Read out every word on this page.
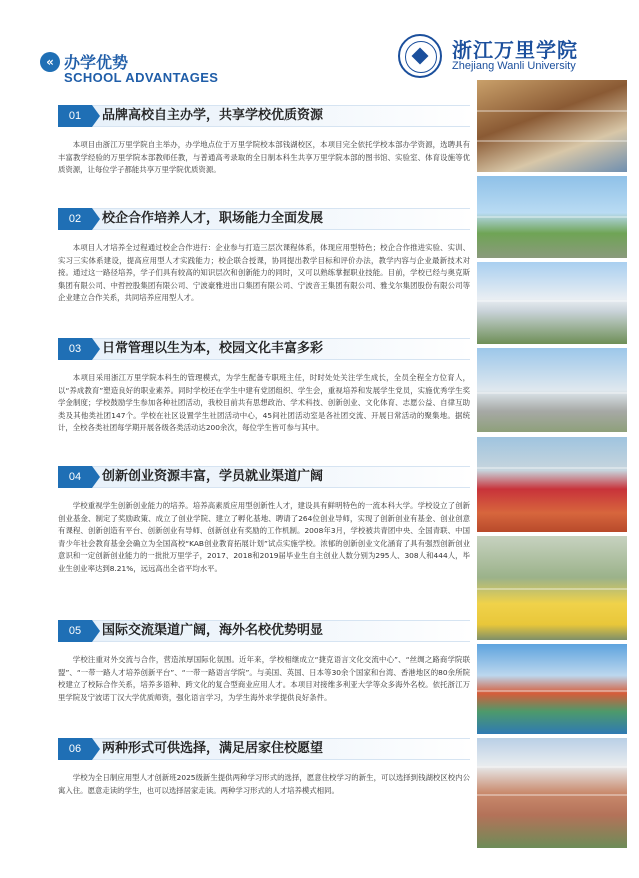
« 办学优势
SCHOOL ADVANTAGES
浙江万里学院
Zhejiang Wanli University
01	品牌高校自主办学，共享学校优质资源

本项目由浙江万里学院自主举办，办学地点位于万里学院校本部钱湖校区，本项目完全依托学校本部办学资源，选聘具有丰富教学经验的万里学院本部教师任教，与普通高考录取的全日制本科生共享万里学院本部的图书馆、实验室、体育设施等优质资源，让每位学子都能共享万里学院优质资源。

02	校企合作培养人才，职场能力全面发展

本项目人才培养全过程通过校企合作进行：企业参与打造三层次课程体系，体现应用型特色；校企合作推进实验、实训、实习三实体系建设，提高应用型人才实践能力；校企联合授课，协同提出教学目标和评价办法，教学内容与企业最新技术对接。通过这一路径培养，学子们具有较高的知识层次和创新能力的同时，又可以熟练掌握职业技能。目前，学校已经与奥克斯集团有限公司、中哲控股集团有限公司、宁波豪雅进出口集团有限公司、宁波音王集团有限公司、雅戈尔集团股份有限公司等企业建立合作关系，共同培养应用型人才。

03	日常管理以生为本，校园文化丰富多彩

本项目采用浙江万里学院本科生的管理模式，为学生配备专职班主任，时时处处关注学生成长，全员全程全方位育人，以“养成教育”塑造良好的职业素养。同时学校还在学生中建有党团组织、学生会，重视培养和发展学生党员，实施优秀学生奖学金制度；学校鼓励学生参加各种社团活动，我校目前共有思想政治、学术科技、创新创业、文化体育、志愿公益、自律互助类及其他类社团147个。学校在社区设置学生社团活动中心，45间社团活动室是各社团交流、开展日常活动的聚集地。据统计，全校各类社团每学期开展各级各类活动达200余次，每位学生皆可参与其中。

04	创新创业资源丰富，学员就业渠道广阔

学校重视学生创新创业能力的培养。培养高素质应用型创新性人才，建设具有鲜明特色的一流本科大学。学校设立了创新创业基金、制定了奖励政策、成立了创业学院、建立了孵化基地、聘请了264位创业导师，实现了创新创业有基金、创业创意有课程、创新创造有平台、创新创业有导师、创新创业有奖励的工作机制。2008年3月，学校被共青团中央、全国青联、中国青少年社会教育基金会确立为全国高校“KAB创业教育拓展计划”试点实施学校。浓郁的创新创业文化涵育了具有强烈创新创业意识和一定创新创业能力的一批批万里学子，2017、2018和2019届毕业生自主创业人数分别为295人、308人和444人，毕业生创业率达到8.21%，远远高出全省平均水平。

05	国际交流渠道广阔，海外名校优势明显

学校注重对外交流与合作，营造浓厚国际化氛围。近年来，学校相继成立“捷克语言文化交流中心”、“丝绸之路商学院联盟”、“一带一路人才培养创新平台”、“一带一路语言学院”。与美国、英国、日本等30余个国家和台湾、香港地区的80余所院校建立了校际合作关系，培养多语种、跨文化的复合型商业应用人才。本项目对接维多利亚大学等众多海外名校。依托浙江万里学院及宁波诺丁汉大学优质师资，强化语言学习，为学生海外求学提供良好条件。

06	两种形式可供选择，满足居家住校愿望

学校为全日制应用型人才创新班2025级新生提供两种学习形式的选择，愿意住校学习的新生，可以选择到钱湖校区校内公寓入住。愿意走读的学生，也可以选择居家走读。两种学习形式的人才培养模式相同。
